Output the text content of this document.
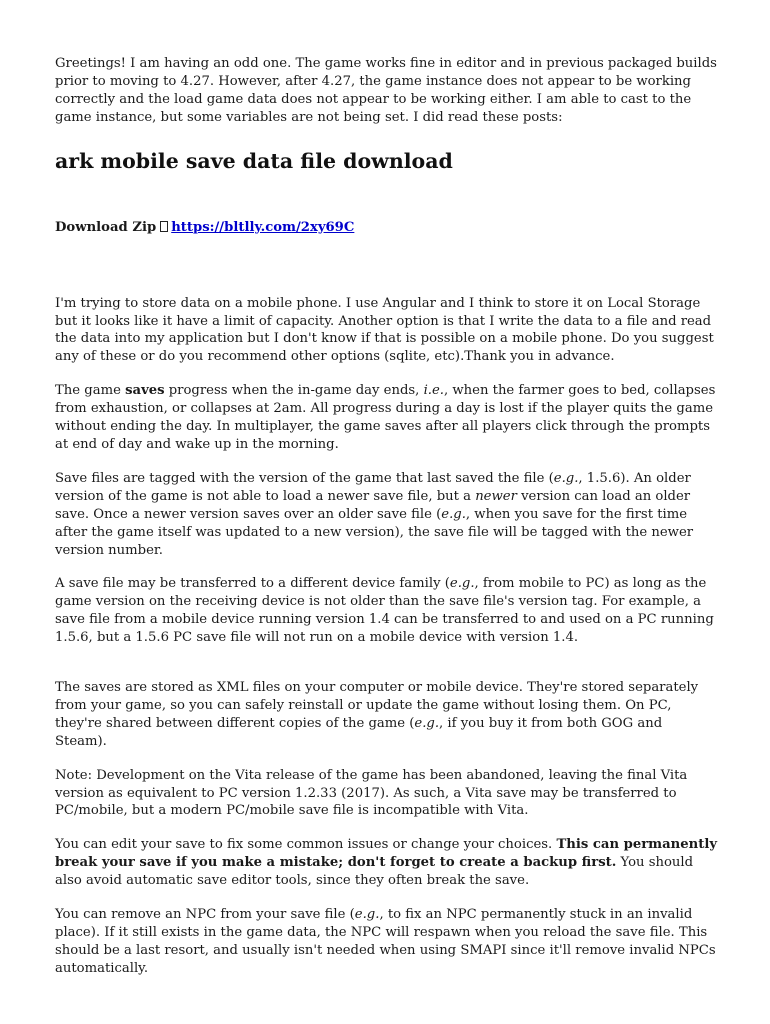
Greetings! I am having an odd one. The game works fine in editor and in previous packaged builds prior to moving to 4.27. However, after 4.27, the game instance does not appear to be working correctly and the load game data does not appear to be working either. I am able to cast to the game instance, but some variables are not being set. I did read these posts:

ark mobile save data file download
Download Zip https://bltlly.com/2xy69C

I'm trying to store data on a mobile phone. I use Angular and I think to store it on Local Storage but it looks like it have a limit of capacity. Another option is that I write the data to a file and read the data into my application but I don't know if that is possible on a mobile phone. Do you suggest any of these or do you recommend other options (sqlite, etc).Thank you in advance.

The game saves progress when the in-game day ends, i.e., when the farmer goes to bed, collapses from exhaustion, or collapses at 2am. All progress during a day is lost if the player quits the game without ending the day. In multiplayer, the game saves after all players click through the prompts at end of day and wake up in the morning.

Save files are tagged with the version of the game that last saved the file (e.g., 1.5.6). An older version of the game is not able to load a newer save file, but a newer version can load an older save. Once a newer version saves over an older save file (e.g., when you save for the first time after the game itself was updated to a new version), the save file will be tagged with the newer version number.

A save file may be transferred to a different device family (e.g., from mobile to PC) as long as the game version on the receiving device is not older than the save file's version tag. For example, a save file from a mobile device running version 1.4 can be transferred to and used on a PC running 1.5.6, but a 1.5.6 PC save file will not run on a mobile device with version 1.4.

The saves are stored as XML files on your computer or mobile device. They're stored separately from your game, so you can safely reinstall or update the game without losing them. On PC, they're shared between different copies of the game (e.g., if you buy it from both GOG and Steam).

Note: Development on the Vita release of the game has been abandoned, leaving the final Vita version as equivalent to PC version 1.2.33 (2017). As such, a Vita save may be transferred to PC/mobile, but a modern PC/mobile save file is incompatible with Vita.

You can edit your save to fix some common issues or change your choices. This can permanently break your save if you make a mistake; don't forget to create a backup first. You should also avoid automatic save editor tools, since they often break the save.

You can remove an NPC from your save file (e.g., to fix an NPC permanently stuck in an invalid place). If it still exists in the game data, the NPC will respawn when you reload the save file. This should be a last resort, and usually isn't needed when using SMAPI since it'll remove invalid NPCs automatically.
